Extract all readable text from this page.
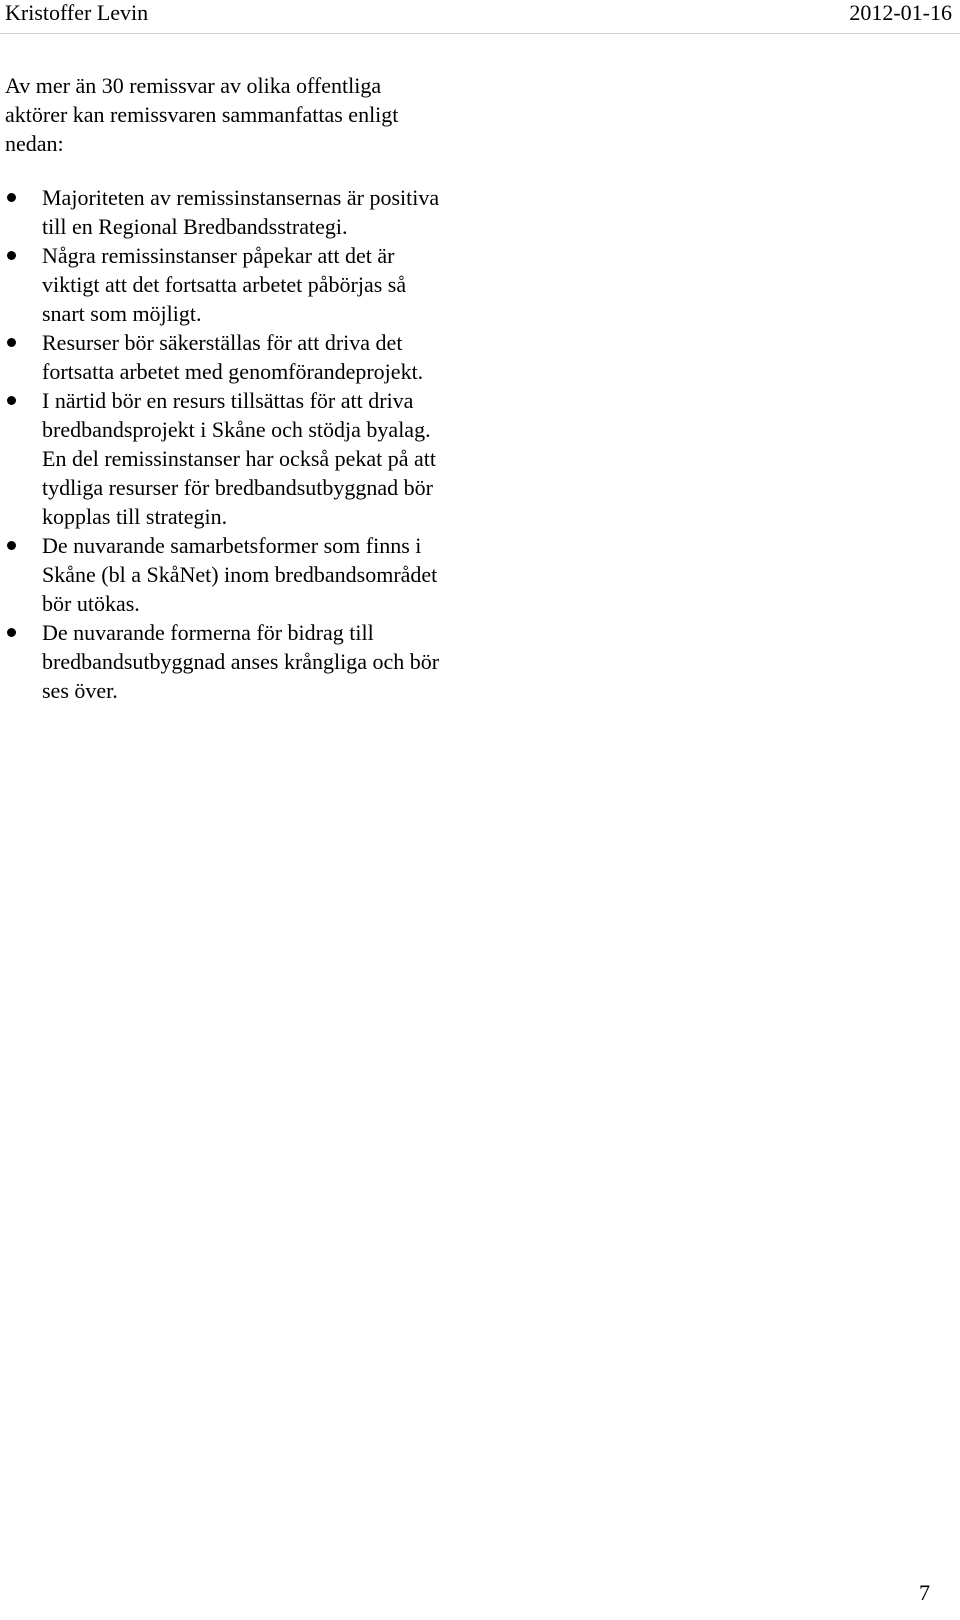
Kristoffer Levin	2012-01-16

Av mer än 30 remissvar av olika offentliga aktörer kan remissvaren sammanfattas enligt nedan:

Majoriteten av remissinstansernas är positiva till en Regional Bredbandsstrategi.
Några remissinstanser påpekar att det är viktigt att det fortsatta arbetet påbörjas så snart som möjligt.
Resurser bör säkerställas för att driva det fortsatta arbetet med genomförandeprojekt.
I närtid bör en resurs tillsättas för att driva bredbandsprojekt i Skåne och stödja byalag. En del remissinstanser har också pekat på att tydliga resurser för bredbandsutbyggnad bör kopplas till strategin.
De nuvarande samarbetsformer som finns i Skåne (bl a SkåNet) inom bredbandsområdet bör utökas.
De nuvarande formerna för bidrag till bredbandsutbyggnad anses krångliga och bör ses över.
7
